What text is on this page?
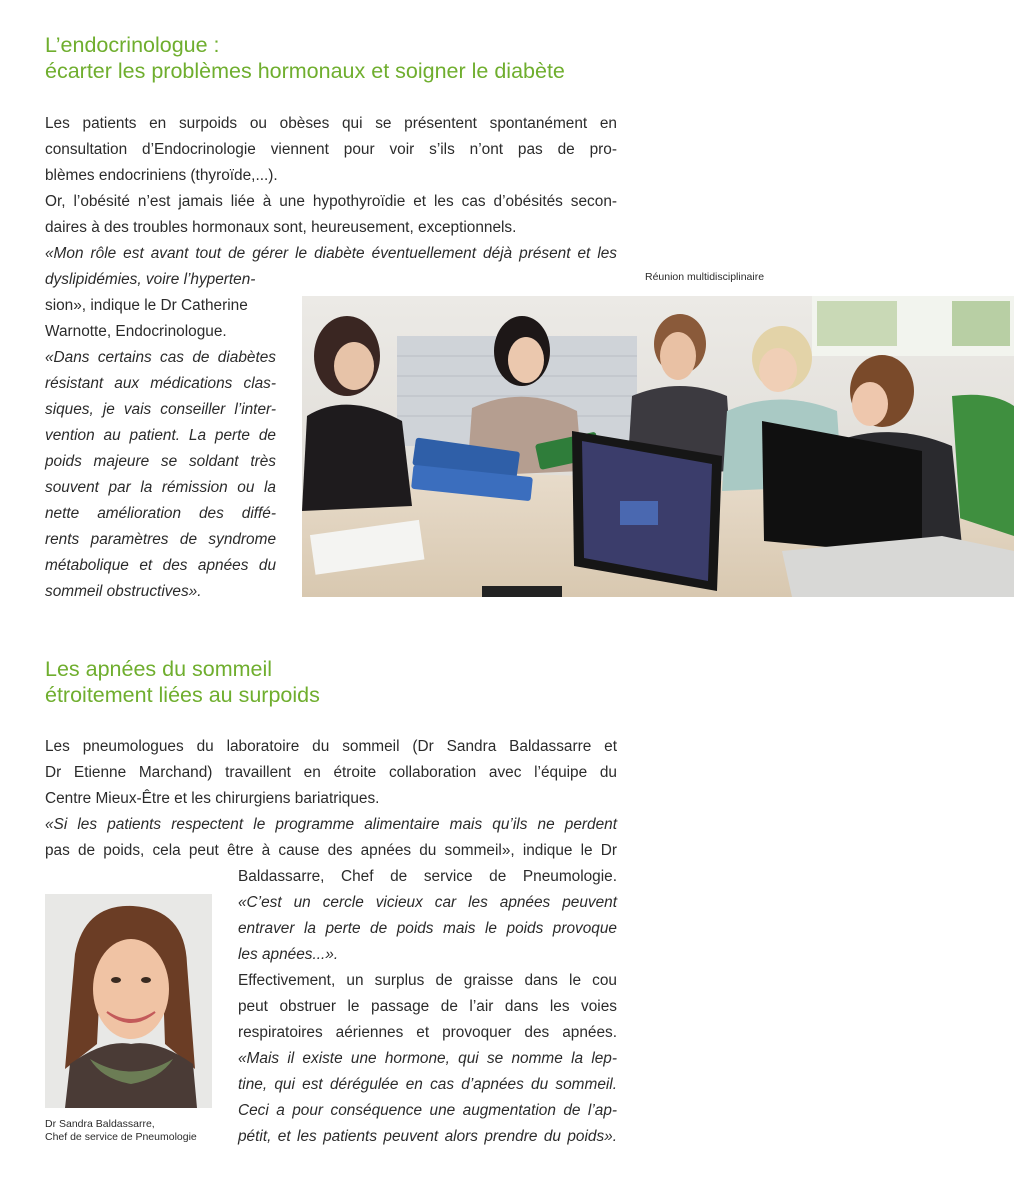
L’endocrinologue :
écarter les problèmes hormonaux et soigner le diabète
Les patients en surpoids ou obèses qui se présentent spontanément en
consultation d’Endocrinologie viennent pour voir s’ils n’ont pas de pro-
blèmes endocriniens (thyroïde,...).
Or, l’obésité n’est jamais liée à une hypothyroïdie et les cas d’obésités secon-
daires à des troubles hormonaux sont, heureusement, exceptionnels.
«Mon rôle est avant tout de gérer le diabète éventuellement déjà présent et les
dyslipidémies, voire l’hyperten-
sion», indique le Dr Catherine
Warnotte, Endocrinologue.
«Dans certains cas de diabètes
résistant aux médications clas-
siques, je vais conseiller l’inter-
vention au patient. La perte de
poids majeure se soldant très
souvent par la rémission ou la
nette amélioration des diffé-
rents paramètres de syndrome
métabolique et des apnées du
sommeil obstructives».
Réunion multidisciplinaire
Les apnées du sommeil
étroitement liées au surpoids
Les pneumologues du laboratoire du sommeil (Dr Sandra Baldassarre et
Dr Etienne Marchand) travaillent en étroite collaboration avec l’équipe du
Centre Mieux-Être et les chirurgiens bariatriques.
«Si les patients respectent le programme alimentaire mais qu’ils ne perdent
pas de poids, cela peut être à cause des apnées du sommeil», indique le Dr
Baldassarre, Chef de service de Pneumologie.
«C’est un cercle vicieux car les apnées peuvent
entraver la perte de poids mais le poids provoque
les apnées...».
Effectivement, un surplus de graisse dans le cou
peut obstruer le passage de l’air dans les voies
respiratoires aériennes et provoquer des apnées.
«Mais il existe une hormone, qui se nomme la lep-
tine, qui est dérégulée en cas d’apnées du sommeil.
Ceci a pour conséquence une augmentation de l’ap-
pétit, et les patients peuvent alors prendre du poids».
Dr Sandra Baldassarre,
Chef de service de Pneumologie
